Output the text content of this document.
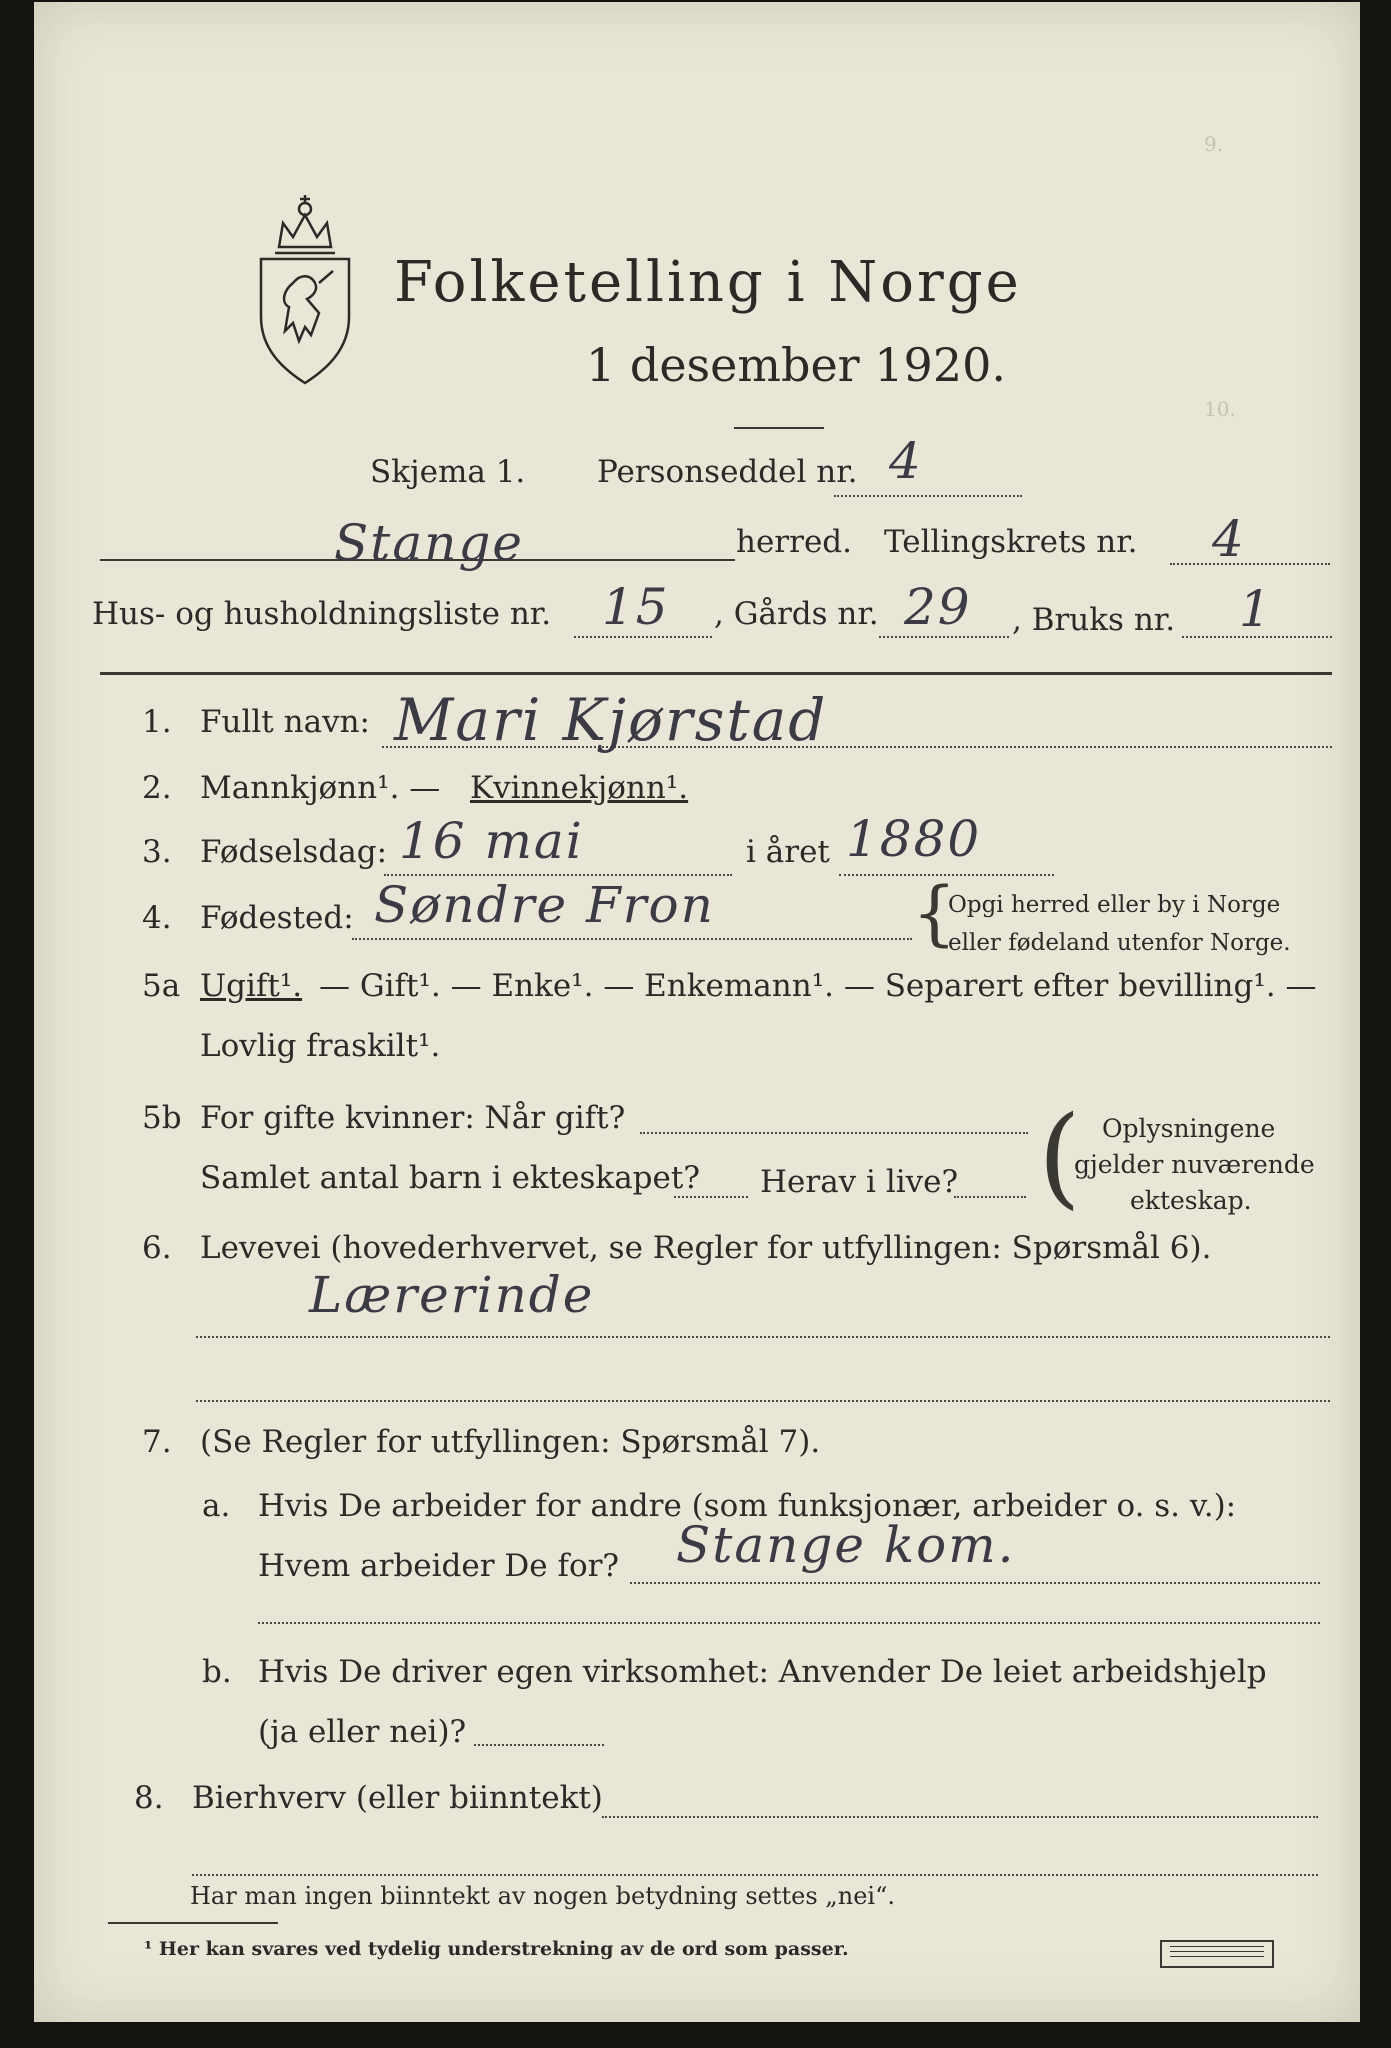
9.
10.
Folketelling i Norge
1 desember 1920.
Skjema 1. Personseddel nr. 4
Stange	herred. Tellingskrets nr. 4
Hus- og husholdningsliste nr. 15 , Gårds nr. 29 , Bruks nr. 1
1. Fullt navn: Mari Kjørstad
2. Mannkjønn¹. — Kvinnekjønn¹.
3. Fødselsdag: 16 mai	i året 1880
4. Fødested: Søndre Fron	{
Opgi herred eller by i Norge
eller fødeland utenfor Norge.
5a Ugift¹. — Gift¹. — Enke¹. — Enkemann¹. — Separert efter bevilling¹. —
Lovlig fraskilt¹.
5b For gifte kvinner: Når gift?
Samlet antal barn i ekteskapet? Herav i live? ( Oplysningene
gjelder nuværende
ekteskap.
6. Levevei (hovederhvervet, se Regler for utfyllingen: Spørsmål 6).
Lærerinde
7. (Se Regler for utfyllingen: Spørsmål 7).
a. Hvis De arbeider for andre (som funksjonær, arbeider o. s. v.):
Hvem arbeider De for? Stange kom.
b. Hvis De driver egen virksomhet: Anvender De leiet arbeidshjelp
(ja eller nei)?
8. Bierhverv (eller biinntekt)
Har man ingen biinntekt av nogen betydning settes „nei“.
¹ Her kan svares ved tydelig understrekning av de ord som passer.
